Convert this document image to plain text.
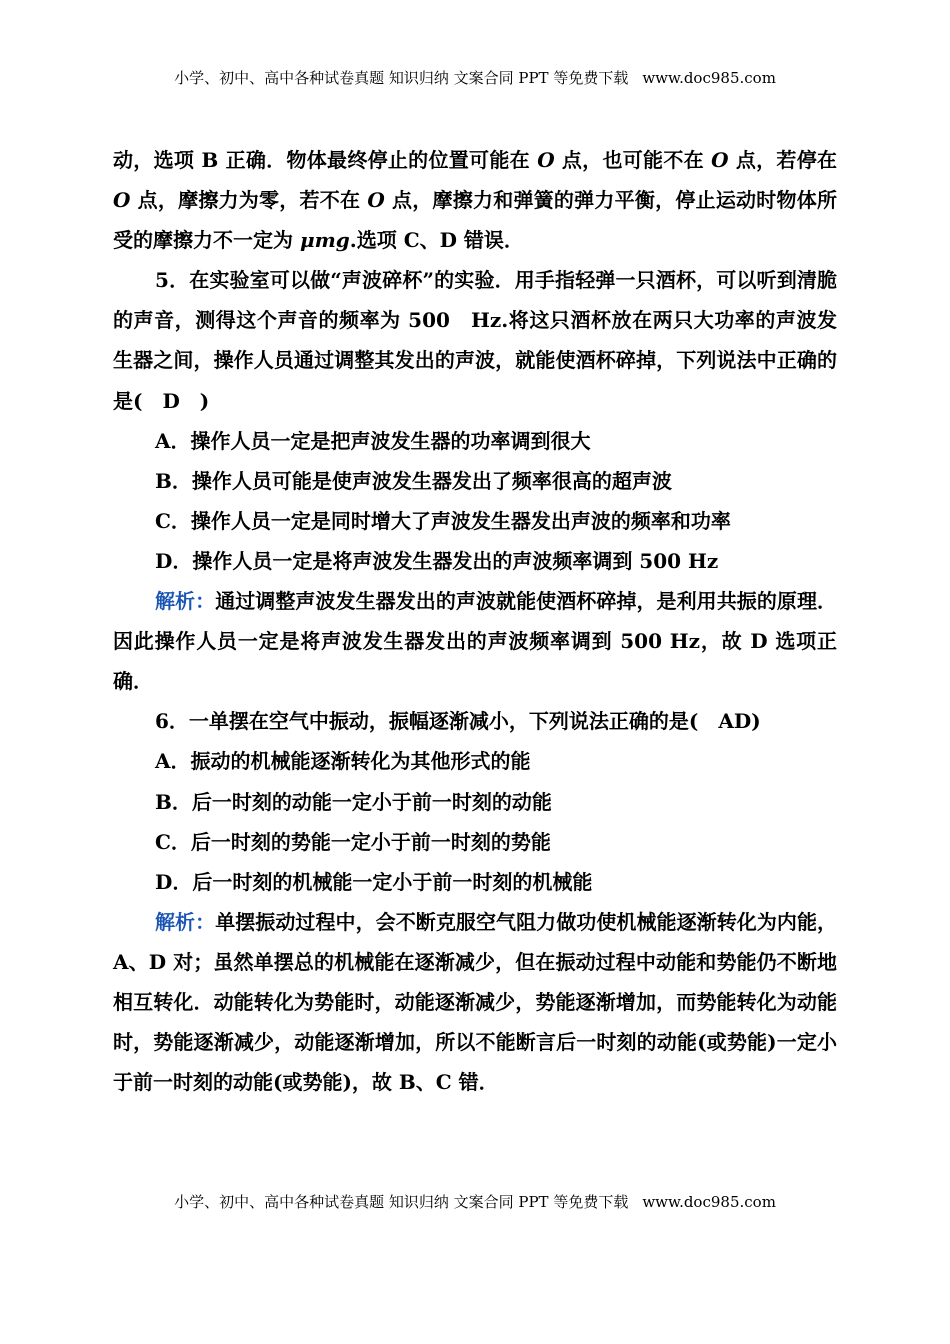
小学、初中、高中各种试卷真题 知识归纳 文案合同 PPT 等免费下载 www.doc985.com

动，选项 B 正确．物体最终停止的位置可能在 O 点，也可能不在 O 点，若停在 O 点，摩擦力为零，若不在 O 点，摩擦力和弹簧的弹力平衡，停止运动时物体所受的摩擦力不一定为 μmg.选项 C、D 错误．

5．在实验室可以做“声波碎杯”的实验．用手指轻弹一只酒杯，可以听到清脆的声音，测得这个声音的频率为 500　Hz.将这只酒杯放在两只大功率的声波发生器之间，操作人员通过调整其发出的声波，就能使酒杯碎掉，下列说法中正确的是(　D　)

A．操作人员一定是把声波发生器的功率调到很大

B．操作人员可能是使声波发生器发出了频率很高的超声波

C．操作人员一定是同时增大了声波发生器发出声波的频率和功率

D．操作人员一定是将声波发生器发出的声波频率调到 500 Hz

解析：通过调整声波发生器发出的声波就能使酒杯碎掉，是利用共振的原理．因此操作人员一定是将声波发生器发出的声波频率调到 500 Hz，故 D 选项正确．

6．一单摆在空气中振动，振幅逐渐减小，下列说法正确的是(　AD)

A．振动的机械能逐渐转化为其他形式的能

B．后一时刻的动能一定小于前一时刻的动能

C．后一时刻的势能一定小于前一时刻的势能

D．后一时刻的机械能一定小于前一时刻的机械能

解析：单摆振动过程中，会不断克服空气阻力做功使机械能逐渐转化为内能，A、D 对；虽然单摆总的机械能在逐渐减少，但在振动过程中动能和势能仍不断地相互转化．动能转化为势能时，动能逐渐减少，势能逐渐增加，而势能转化为动能时，势能逐渐减少，动能逐渐增加，所以不能断言后一时刻的动能(或势能)一定小于前一时刻的动能(或势能)，故 B、C 错．

小学、初中、高中各种试卷真题 知识归纳 文案合同 PPT 等免费下载 www.doc985.com
